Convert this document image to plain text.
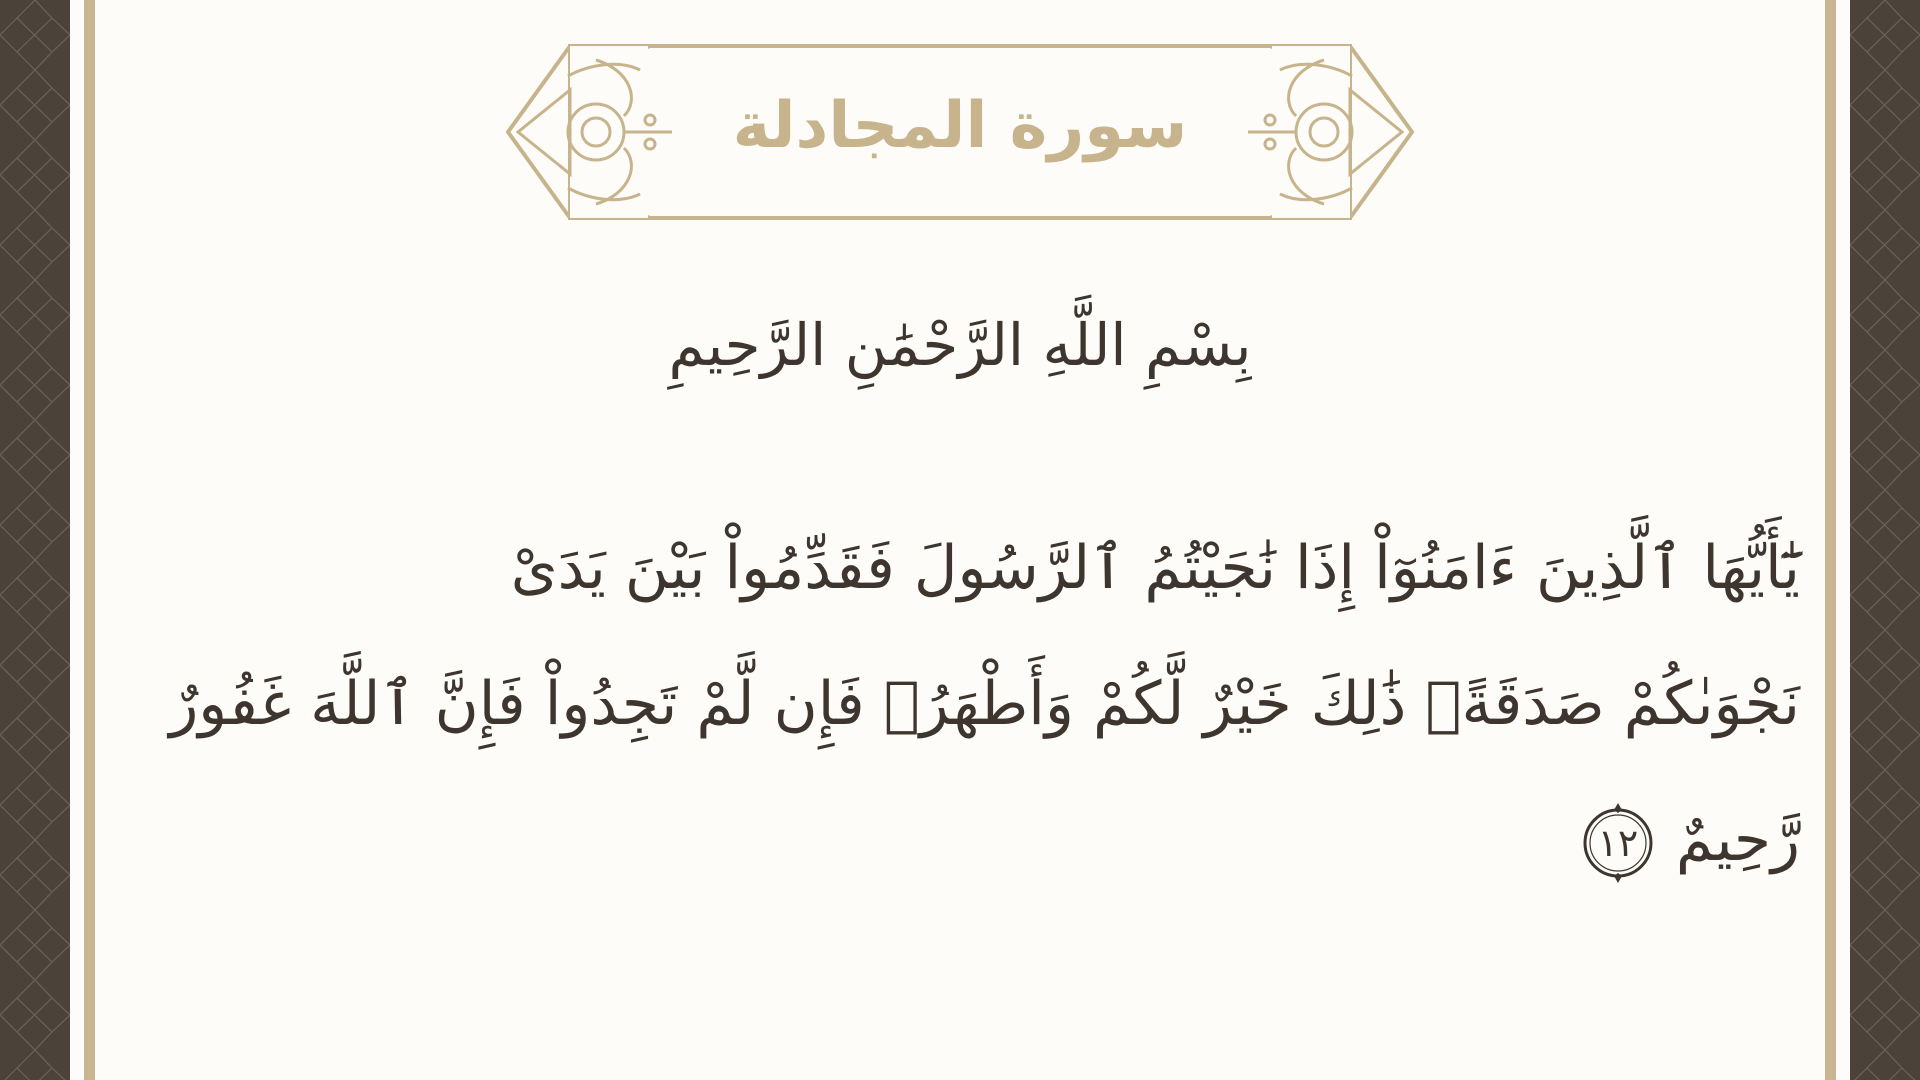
سورة المجادلة
بِسْمِ اللَّهِ الرَّحْمَٰنِ الرَّحِيمِ
يَٰٓأَيُّهَا ٱلَّذِينَ ءَامَنُوٓاْ إِذَا نَٰجَيْتُمُ ٱلرَّسُولَ فَقَدِّمُواْ بَيْنَ يَدَىْ
نَجْوَىٰكُمْ صَدَقَةًۚ ذَٰلِكَ خَيْرٌ لَّكُمْ وَأَطْهَرُۚ فَإِن لَّمْ تَجِدُواْ فَإِنَّ ٱللَّهَ غَفُورٌ
رَّحِيمٌ
١٢
